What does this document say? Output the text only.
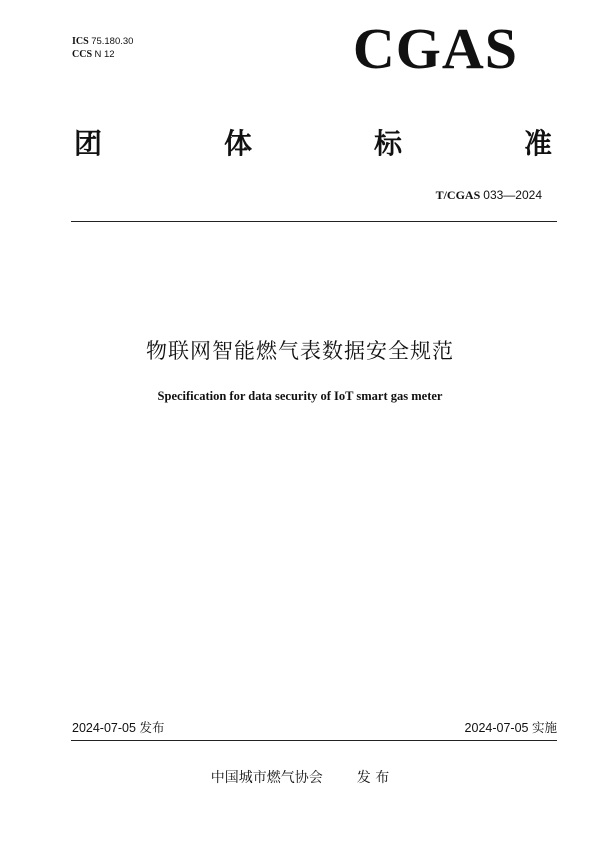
ICS 75.180.30
CCS N 12	CGAS
团	体	标	准
T/CGAS 033—2024
物联网智能燃气表数据安全规范
Specification for data security of IoT smart gas meter
2024-07-05 发布	2024-07-05 实施
中国城市燃气协会 发 布
